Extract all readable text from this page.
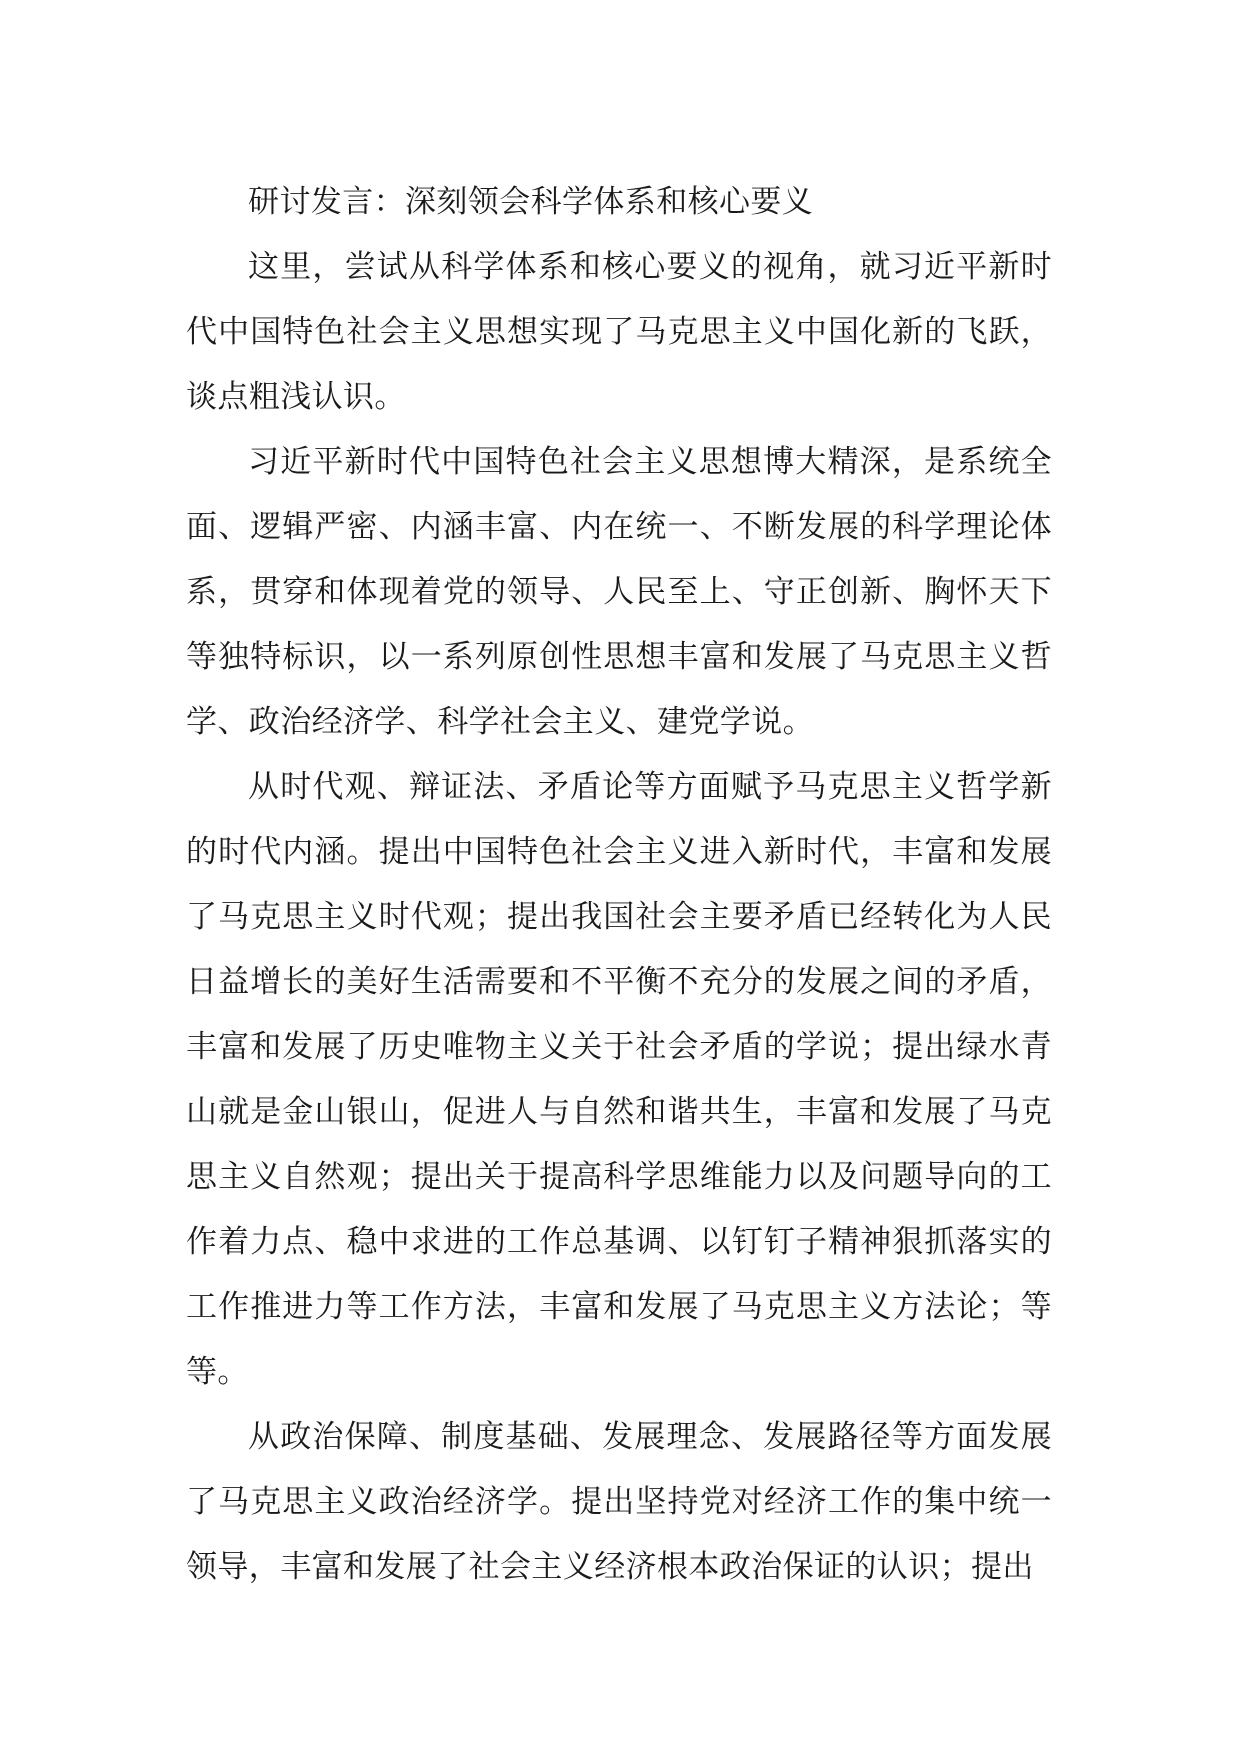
研讨发言：深刻领会科学体系和核心要义

这里，尝试从科学体系和核心要义的视角，就习近平新时代中国特色社会主义思想实现了马克思主义中国化新的飞跃，谈点粗浅认识。

习近平新时代中国特色社会主义思想博大精深，是系统全面、逻辑严密、内涵丰富、内在统一、不断发展的科学理论体系，贯穿和体现着党的领导、人民至上、守正创新、胸怀天下等独特标识，以一系列原创性思想丰富和发展了马克思主义哲学、政治经济学、科学社会主义、建党学说。

从时代观、辩证法、矛盾论等方面赋予马克思主义哲学新的时代内涵。提出中国特色社会主义进入新时代，丰富和发展了马克思主义时代观；提出我国社会主要矛盾已经转化为人民日益增长的美好生活需要和不平衡不充分的发展之间的矛盾，丰富和发展了历史唯物主义关于社会矛盾的学说；提出绿水青山就是金山银山，促进人与自然和谐共生，丰富和发展了马克思主义自然观；提出关于提高科学思维能力以及问题导向的工作着力点、稳中求进的工作总基调、以钉钉子精神狠抓落实的工作推进力等工作方法，丰富和发展了马克思主义方法论；等等。

从政治保障、制度基础、发展理念、发展路径等方面发展了马克思主义政治经济学。提出坚持党对经济工作的集中统一领导，丰富和发展了社会主义经济根本政治保证的认识；提出
